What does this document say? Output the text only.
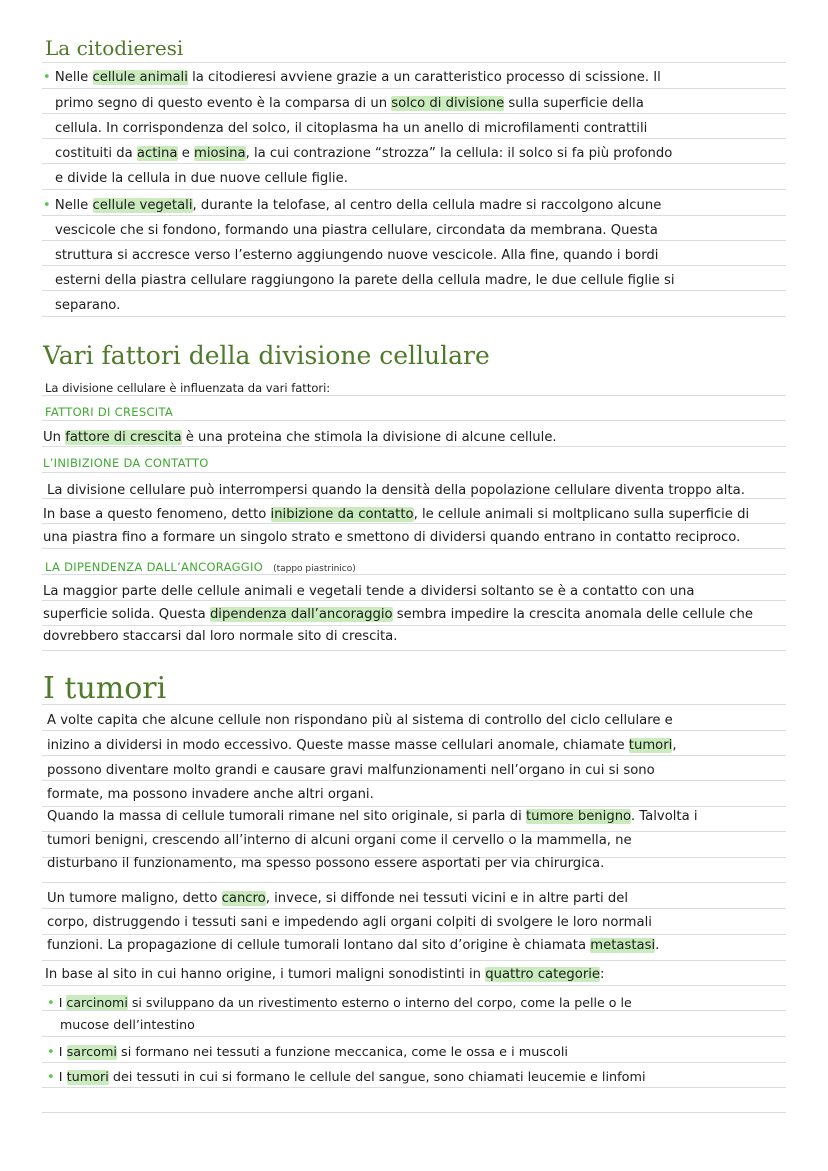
La citodieresi
• Nelle cellule animali la citodieresi avviene grazie a un caratteristico processo di scissione. Il
primo segno di questo evento è la comparsa di un solco di divisione sulla superficie della
cellula. In corrispondenza del solco, il citoplasma ha un anello di microfilamenti contrattili
costituiti da actina e miosina, la cui contrazione “strozza” la cellula: il solco si fa più profondo
e divide la cellula in due nuove cellule figlie.
• Nelle cellule vegetali, durante la telofase, al centro della cellula madre si raccolgono alcune
vescicole che si fondono, formando una piastra cellulare, circondata da membrana. Questa
struttura si accresce verso l’esterno aggiungendo nuove vescicole. Alla fine, quando i bordi
esterni della piastra cellulare raggiungono la parete della cellula madre, le due cellule figlie si
separano.
Vari fattori della divisione cellulare
La divisione cellulare è influenzata da vari fattori:
FATTORI DI CRESCITA
Un fattore di crescita è una proteina che stimola la divisione di alcune cellule.
L’INIBIZIONE DA CONTATTO
La divisione cellulare può interrompersi quando la densità della popolazione cellulare diventa troppo alta.
In base a questo fenomeno, detto inibizione da contatto, le cellule animali si moltplicano sulla superficie di
una piastra fino a formare un singolo strato e smettono di dividersi quando entrano in contatto reciproco.
LA DIPENDENZA DALL’ANCORAGGIO (tappo piastrinico)
La maggior parte delle cellule animali e vegetali tende a dividersi soltanto se è a contatto con una
superficie solida. Questa dipendenza dall’ancoraggio sembra impedire la crescita anomala delle cellule che
dovrebbero staccarsi dal loro normale sito di crescita.
I tumori
A volte capita che alcune cellule non rispondano più al sistema di controllo del ciclo cellulare e
inizino a dividersi in modo eccessivo. Queste masse masse cellulari anomale, chiamate tumori,
possono diventare molto grandi e causare gravi malfunzionamenti nell’organo in cui si sono
formate, ma possono invadere anche altri organi.
Quando la massa di cellule tumorali rimane nel sito originale, si parla di tumore benigno. Talvolta i
tumori benigni, crescendo all’interno di alcuni organi come il cervello o la mammella, ne
disturbano il funzionamento, ma spesso possono essere asportati per via chirurgica.
Un tumore maligno, detto cancro, invece, si diffonde nei tessuti vicini e in altre parti del
corpo, distruggendo i tessuti sani e impedendo agli organi colpiti di svolgere le loro normali
funzioni. La propagazione di cellule tumorali lontano dal sito d’origine è chiamata metastasi.
In base al sito in cui hanno origine, i tumori maligni sonodistinti in quattro categorie:
• I carcinomi si sviluppano da un rivestimento esterno o interno del corpo, come la pelle o le
mucose dell’intestino
• I sarcomi si formano nei tessuti a funzione meccanica, come le ossa e i muscoli
• I tumori dei tessuti in cui si formano le cellule del sangue, sono chiamati leucemie e linfomi
